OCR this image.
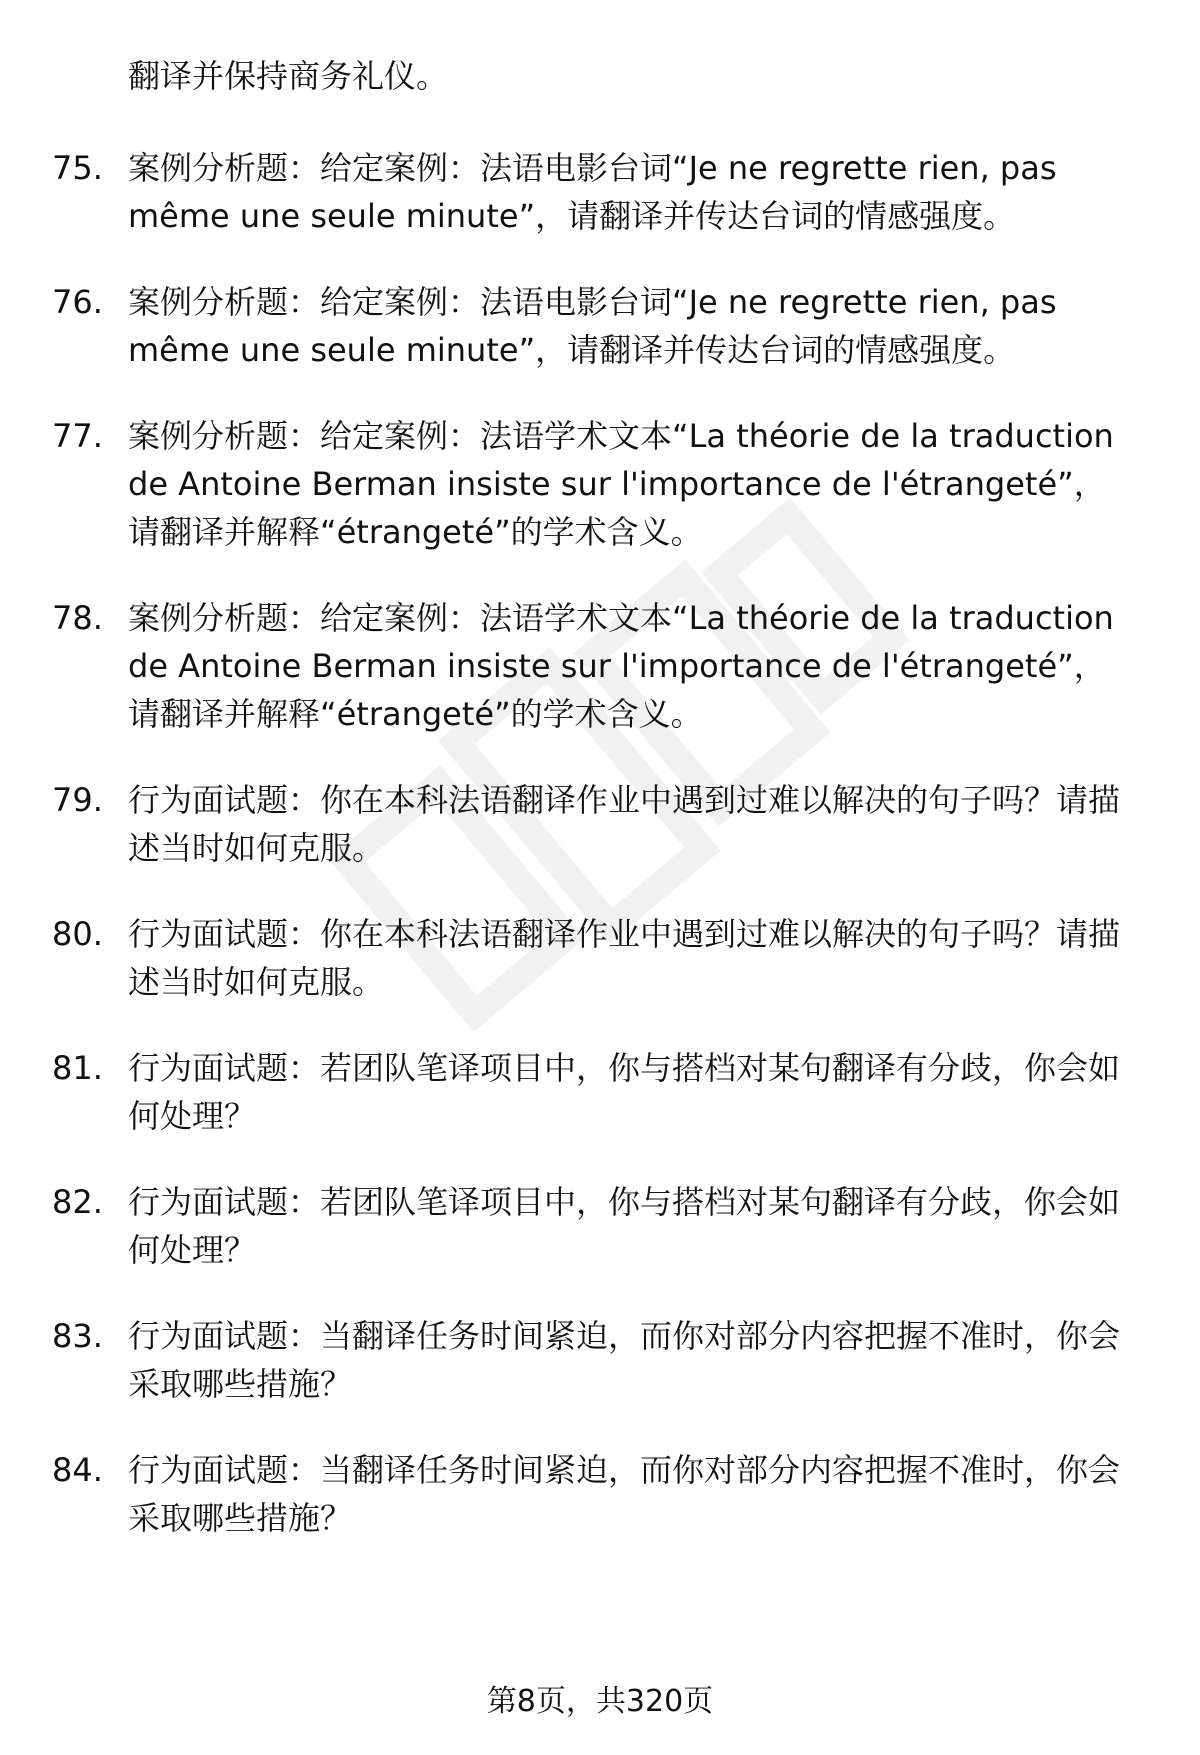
翻译并保持商务礼仪。

75. 案例分析题：给定案例：法语电影台词“Je ne regrette rien, pas même une seule minute”，请翻译并传达台词的情感强度。
76. 案例分析题：给定案例：法语电影台词“Je ne regrette rien, pas même une seule minute”，请翻译并传达台词的情感强度。
77. 案例分析题：给定案例：法语学术文本“La théorie de la traduction de Antoine Berman insiste sur l'importance de l'étrangeté”，请翻译并解释“étrangeté”的学术含义。
78. 案例分析题：给定案例：法语学术文本“La théorie de la traduction de Antoine Berman insiste sur l'importance de l'étrangeté”，请翻译并解释“étrangeté”的学术含义。
79. 行为面试题：你在本科法语翻译作业中遇到过难以解决的句子吗？请描述当时如何克服。
80. 行为面试题：你在本科法语翻译作业中遇到过难以解决的句子吗？请描述当时如何克服。
81. 行为面试题：若团队笔译项目中，你与搭档对某句翻译有分歧，你会如何处理？
82. 行为面试题：若团队笔译项目中，你与搭档对某句翻译有分歧，你会如何处理？
83. 行为面试题：当翻译任务时间紧迫，而你对部分内容把握不准时，你会采取哪些措施？
84. 行为面试题：当翻译任务时间紧迫，而你对部分内容把握不准时，你会采取哪些措施？
第8页，共320页
